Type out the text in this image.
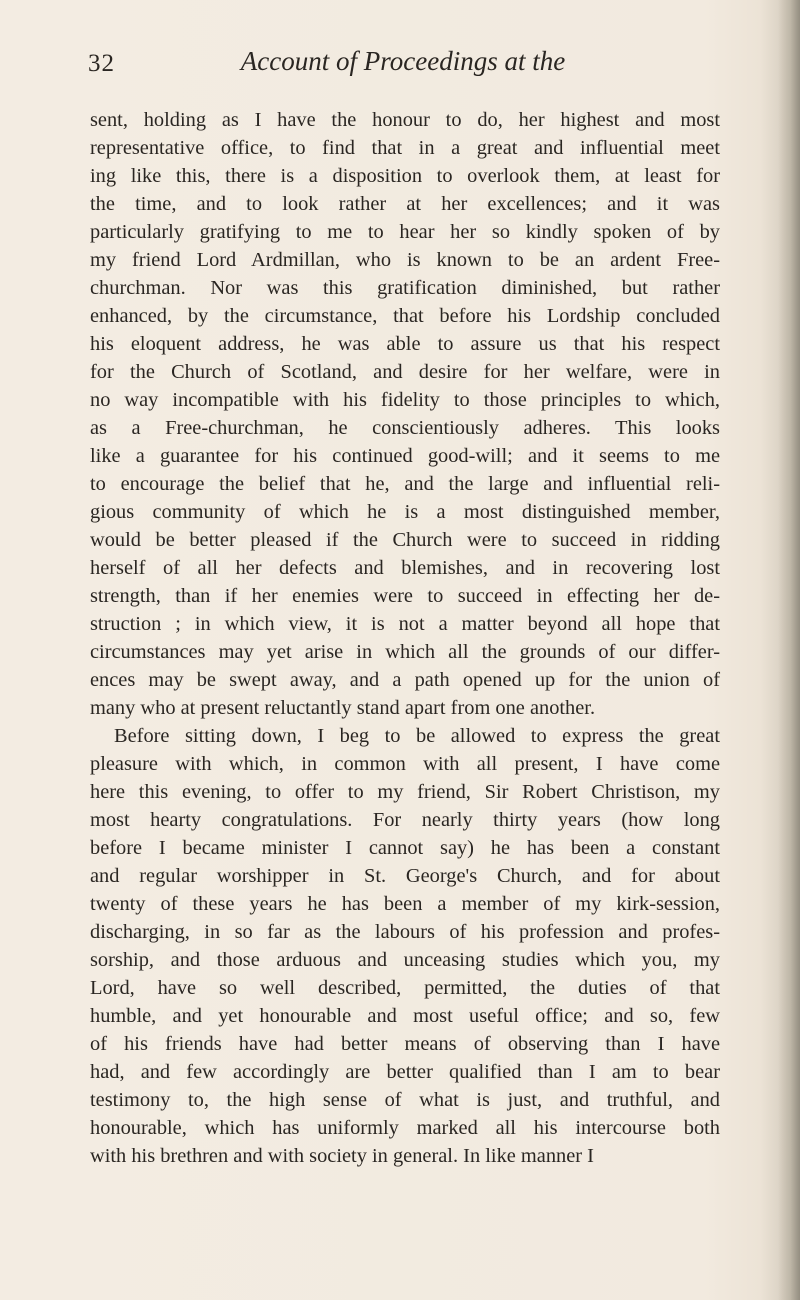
32	Account of Proceedings at the
sent, holding as I have the honour to do, her highest and most
representative office, to find that in a great and influential meet
ing like this, there is a disposition to overlook them, at least for
the time, and to look rather at her excellences; and it was
particularly gratifying to me to hear her so kindly spoken of by
my friend Lord Ardmillan, who is known to be an ardent Free-
churchman. Nor was this gratification diminished, but rather
enhanced, by the circumstance, that before his Lordship concluded
his eloquent address, he was able to assure us that his respect
for the Church of Scotland, and desire for her welfare, were in
no way incompatible with his fidelity to those principles to which,
as a Free-churchman, he conscientiously adheres. This looks
like a guarantee for his continued good-will; and it seems to me
to encourage the belief that he, and the large and influential reli-
gious community of which he is a most distinguished member,
would be better pleased if the Church were to succeed in ridding
herself of all her defects and blemishes, and in recovering lost
strength, than if her enemies were to succeed in effecting her de-
struction ; in which view, it is not a matter beyond all hope that
circumstances may yet arise in which all the grounds of our differ-
ences may be swept away, and a path opened up for the union of
many who at present reluctantly stand apart from one another.
Before sitting down, I beg to be allowed to express the great
pleasure with which, in common with all present, I have come
here this evening, to offer to my friend, Sir Robert Christison, my
most hearty congratulations. For nearly thirty years (how long
before I became minister I cannot say) he has been a constant
and regular worshipper in St. George's Church, and for about
twenty of these years he has been a member of my kirk-session,
discharging, in so far as the labours of his profession and profes-
sorship, and those arduous and unceasing studies which you, my
Lord, have so well described, permitted, the duties of that
humble, and yet honourable and most useful office; and so, few
of his friends have had better means of observing than I have
had, and few accordingly are better qualified than I am to bear
testimony to, the high sense of what is just, and truthful, and
honourable, which has uniformly marked all his intercourse both
with his brethren and with society in general. In like manner I
